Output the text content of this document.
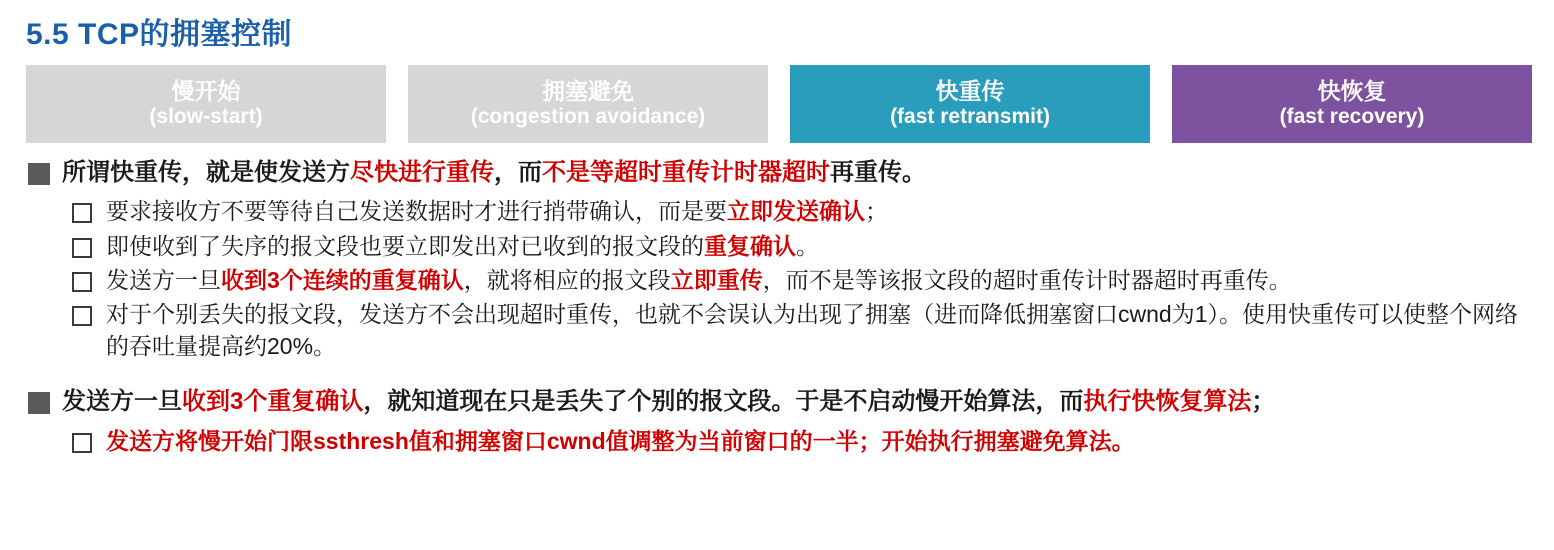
5.5 TCP的拥塞控制
慢开始
(slow-start)
拥塞避免
(congestion avoidance)
快重传
(fast retransmit)
快恢复
(fast recovery)
所谓快重传，就是使发送方尽快进行重传，而不是等超时重传计时器超时再重传。
要求接收方不要等待自己发送数据时才进行捎带确认，而是要立即发送确认；
即使收到了失序的报文段也要立即发出对已收到的报文段的重复确认。
发送方一旦收到3个连续的重复确认，就将相应的报文段立即重传，而不是等该报文段的超时重传计时器超时再重传。
对于个别丢失的报文段，发送方不会出现超时重传，也就不会误认为出现了拥塞（进而降低拥塞窗口cwnd为1）。使用快重传可以使整个网络的吞吐量提高约20%。
发送方一旦收到3个重复确认，就知道现在只是丢失了个别的报文段。于是不启动慢开始算法，而执行快恢复算法；
发送方将慢开始门限ssthresh值和拥塞窗口cwnd值调整为当前窗口的一半；开始执行拥塞避免算法。
